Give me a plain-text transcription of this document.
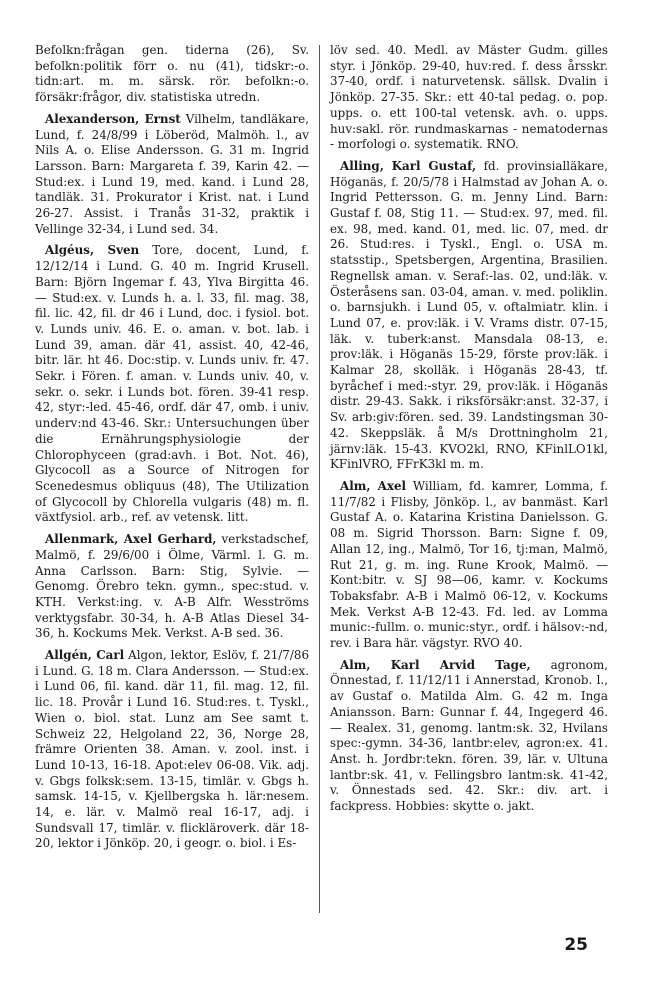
Befolkn:frågan gen. tiderna (26), Sv. befolkn:politik förr o. nu (41), tidskr:-o. tidn:art. m. m. särsk. rör. befolkn:-o. försäkr:frågor, div. statistiska utredn.

Alexanderson, Ernst Vilhelm, tandläkare, Lund, f. 24/8/99 i Löberöd, Malmöh. l., av Nils A. o. Elise Andersson. G. 31 m. Ingrid Larsson. Barn: Margareta f. 39, Karin 42. — Stud:ex. i Lund 19, med. kand. i Lund 28, tandläk. 31. Prokurator i Krist. nat. i Lund 26-27. Assist. i Tranås 31-32, praktik i Vellinge 32-34, i Lund sed. 34.

Algéus, Sven Tore, docent, Lund, f. 12/12/14 i Lund. G. 40 m. Ingrid Krusell. Barn: Björn Ingemar f. 43, Ylva Birgitta 46. — Stud:ex. v. Lunds h. a. l. 33, fil. mag. 38, fil. lic. 42, fil. dr 46 i Lund, doc. i fysiol. bot. v. Lunds univ. 46. E. o. aman. v. bot. lab. i Lund 39, aman. där 41, assist. 40, 42-46, bitr. lär. ht 46. Doc:stip. v. Lunds univ. fr. 47. Sekr. i Fören. f. aman. v. Lunds univ. 40, v. sekr. o. sekr. i Lunds bot. fören. 39-41 resp. 42, styr:-led. 45-46, ordf. där 47, omb. i univ. underv:nd 43-46. Skr.: Untersuchungen über die Ernährungsphysiologie der Chlorophyceen (grad:avh. i Bot. Not. 46), Glycocoll as a Source of Nitrogen for Scenedesmus obliquus (48), The Utilization of Glycocoll by Chlorella vulgaris (48) m. fl. växtfysiol. arb., ref. av vetensk. litt.

Allenmark, Axel Gerhard, verkstadschef, Malmö, f. 29/6/00 i Ölme, Värml. l. G. m. Anna Carlsson. Barn: Stig, Sylvie. — Genomg. Örebro tekn. gymn., spec:stud. v. KTH. Verkst:ing. v. A-B Alfr. Wesströms verktygsfabr. 30-34, h. A-B Atlas Diesel 34-36, h. Kockums Mek. Verkst. A-B sed. 36.

Allgén, Carl Algon, lektor, Eslöv, f. 21/7/86 i Lund. G. 18 m. Clara Andersson. — Stud:ex. i Lund 06, fil. kand. där 11, fil. mag. 12, fil. lic. 18. Provår i Lund 16. Stud:res. t. Tyskl., Wien o. biol. stat. Lunz am See samt t. Schweiz 22, Helgoland 22, 36, Norge 28, främre Orienten 38. Aman. v. zool. inst. i Lund 10-13, 16-18. Apot:elev 06-08. Vik. adj. v. Gbgs folksk:sem. 13-15, timlär. v. Gbgs h. samsk. 14-15, v. Kjellbergska h. lär:nesem. 14, e. lär. v. Malmö real 16-17, adj. i Sundsvall 17, timlär. v. flickläroverk. där 18-20, lektor i Jönköp. 20, i geogr. o. biol. i Es-

löv sed. 40. Medl. av Mäster Gudm. gilles styr. i Jönköp. 29-40, huv:red. f. dess årsskr. 37-40, ordf. i naturvetensk. sällsk. Dvalin i Jönköp. 27-35. Skr.: ett 40-tal pedag. o. pop. upps. o. ett 100-tal vetensk. avh. o. upps. huv:sakl. rör. rundmaskarnas - nematodernas - morfologi o. systematik. RNO.

Alling, Karl Gustaf, fd. provinsialläkare, Höganäs, f. 20/5/78 i Halmstad av Johan A. o. Ingrid Pettersson. G. m. Jenny Lind. Barn: Gustaf f. 08, Stig 11. — Stud:ex. 97, med. fil. ex. 98, med. kand. 01, med. lic. 07, med. dr 26. Stud:res. i Tyskl., Engl. o. USA m. statsstip., Spetsbergen, Argentina, Brasilien. Regnellsk aman. v. Seraf:-las. 02, und:läk. v. Österåsens san. 03-04, aman. v. med. poliklin. o. barnsjukh. i Lund 05, v. oftalmiatr. klin. i Lund 07, e. prov:läk. i V. Vrams distr. 07-15, läk. v. tuberk:anst. Mansdala 08-13, e. prov:läk. i Höganäs 15-29, förste prov:läk. i Kalmar 28, skolläk. i Höganäs 28-43, tf. byråchef i med:-styr. 29, prov:läk. i Höganäs distr. 29-43. Sakk. i riksförsäkr:anst. 32-37, i Sv. arb:giv:fören. sed. 39. Landstingsman 30-42. Skeppsläk. å M/s Drottningholm 21, järnv:läk. 15-43. KVO2kl, RNO, KFinlLO1kl, KFinlVRO, FFrK3kl m. m.

Alm, Axel William, fd. kamrer, Lomma, f. 11/7/82 i Flisby, Jönköp. l., av banmäst. Karl Gustaf A. o. Katarina Kristina Danielsson. G. 08 m. Sigrid Thorsson. Barn: Signe f. 09, Allan 12, ing., Malmö, Tor 16, tj:man, Malmö, Rut 21, g. m. ing. Rune Krook, Malmö. — Kont:bitr. v. SJ 98—06, kamr. v. Kockums Tobaksfabr. A-B i Malmö 06-12, v. Kockums Mek. Verkst A-B 12-43. Fd. led. av Lomma munic:-fullm. o. munic:styr., ordf. i hälsov:-nd, rev. i Bara här. vägstyr. RVO 40.

Alm, Karl Arvid Tage, agronom, Önnestad, f. 11/12/11 i Annerstad, Kronob. l., av Gustaf o. Matilda Alm. G. 42 m. Inga Aniansson. Barn: Gunnar f. 44, Ingegerd 46. — Realex. 31, genomg. lantm:sk. 32, Hvilans spec:-gymn. 34-36, lantbr:elev, agron:ex. 41. Anst. h. Jordbr:tekn. fören. 39, lär. v. Ultuna lantbr:sk. 41, v. Fellingsbro lantm:sk. 41-42, v. Önnestads sed. 42. Skr.: div. art. i fackpress. Hobbies: skytte o. jakt.

25
